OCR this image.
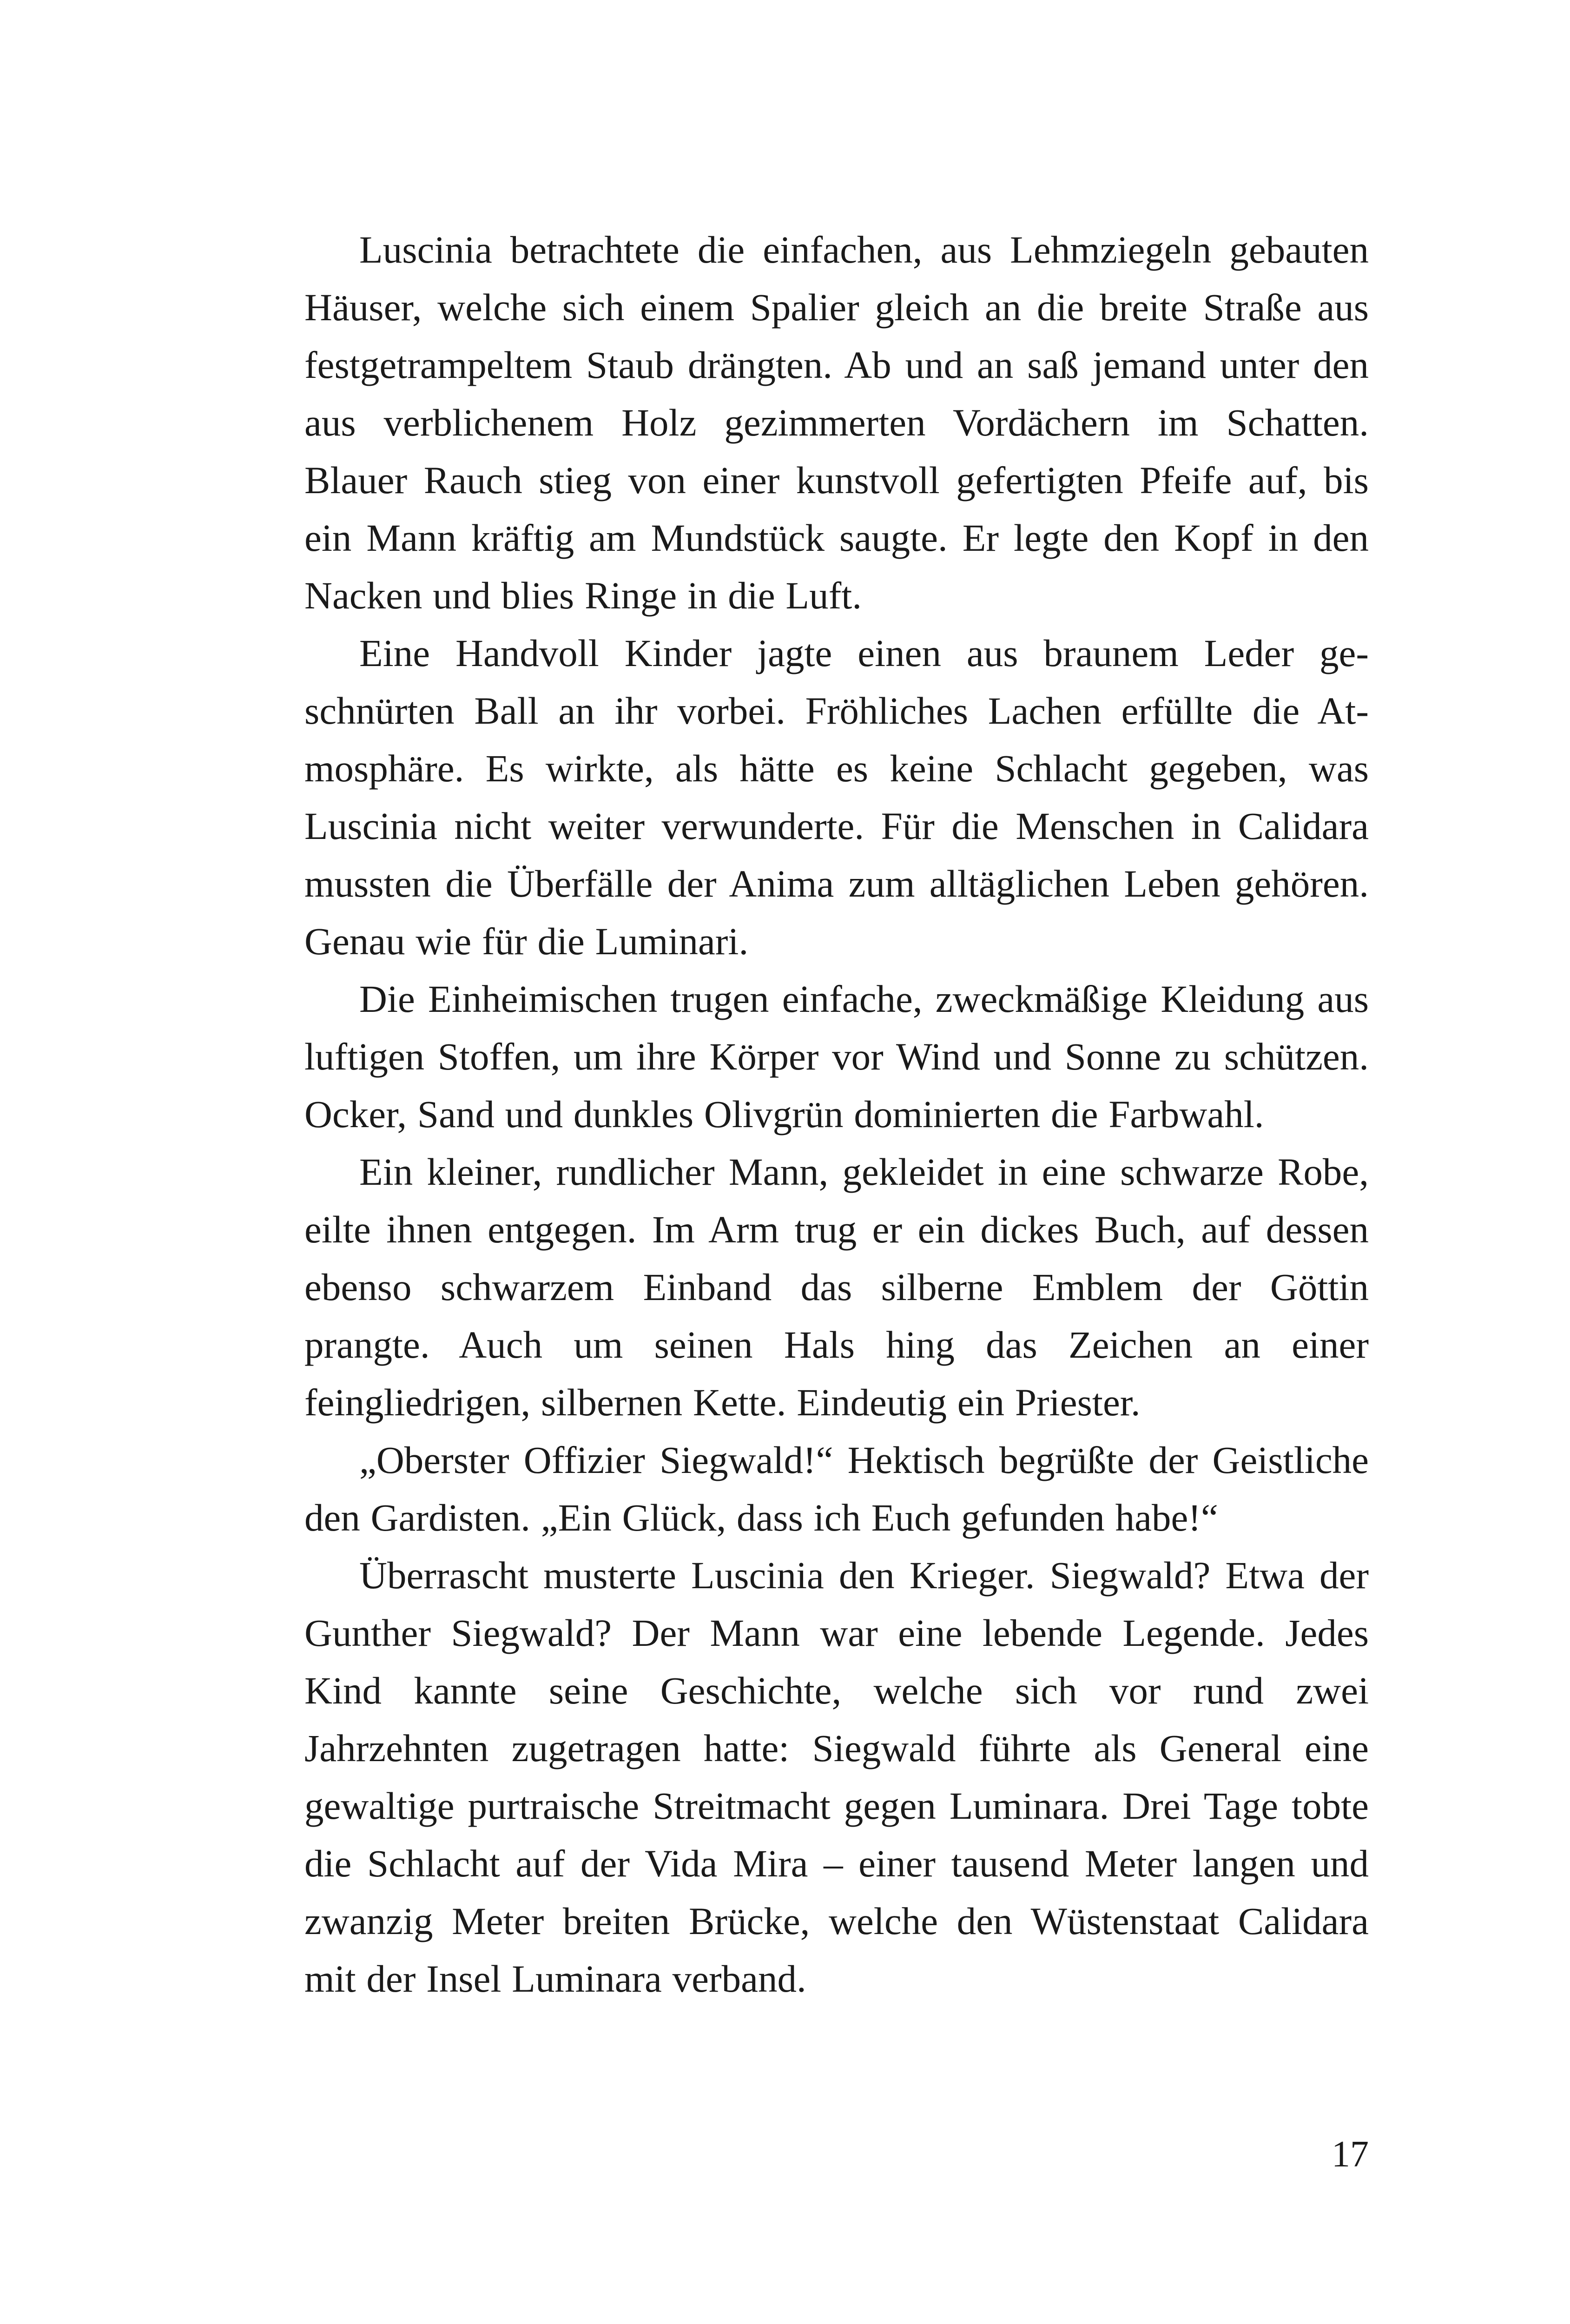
Luscinia betrachtete die einfachen, aus Lehmziegeln gebauten Häuser, welche sich einem Spalier gleich an die breite Straße aus festgetrampeltem Staub drängten. Ab und an saß jemand unter den aus verblichenem Holz gezimmerten Vordächern im Schatten. Blauer Rauch stieg von einer kunstvoll gefertigten Pfeife auf, bis ein Mann kräftig am Mundstück saugte. Er legte den Kopf in den Nacken und blies Ringe in die Luft.

Eine Handvoll Kinder jagte einen aus braunem Leder geschnürten Ball an ihr vorbei. Fröhliches Lachen erfüllte die Atmosphäre. Es wirkte, als hätte es keine Schlacht gegeben, was Luscinia nicht weiter verwunderte. Für die Menschen in Calidara mussten die Überfälle der Anima zum alltäglichen Leben gehören. Genau wie für die Luminari.

Die Einheimischen trugen einfache, zweckmäßige Kleidung aus luftigen Stoffen, um ihre Körper vor Wind und Sonne zu schützen. Ocker, Sand und dunkles Olivgrün dominierten die Farbwahl.

Ein kleiner, rundlicher Mann, gekleidet in eine schwarze Robe, eilte ihnen entgegen. Im Arm trug er ein dickes Buch, auf dessen ebenso schwarzem Einband das silberne Emblem der Göttin prangte. Auch um seinen Hals hing das Zeichen an einer feingliedrigen, silbernen Kette. Eindeutig ein Priester.

„Oberster Offizier Siegwald!“ Hektisch begrüßte der Geistliche den Gardisten. „Ein Glück, dass ich Euch gefunden habe!“

Überrascht musterte Luscinia den Krieger. Siegwald? Etwa der Gunther Siegwald? Der Mann war eine lebende Legende. Jedes Kind kannte seine Geschichte, welche sich vor rund zwei Jahrzehnten zugetragen hatte: Siegwald führte als General eine gewaltige purtraische Streitmacht gegen Luminara. Drei Tage tobte die Schlacht auf der Vida Mira – einer tausend Meter langen und zwanzig Meter breiten Brücke, welche den Wüstenstaat Calidara mit der Insel Luminara verband.

17
